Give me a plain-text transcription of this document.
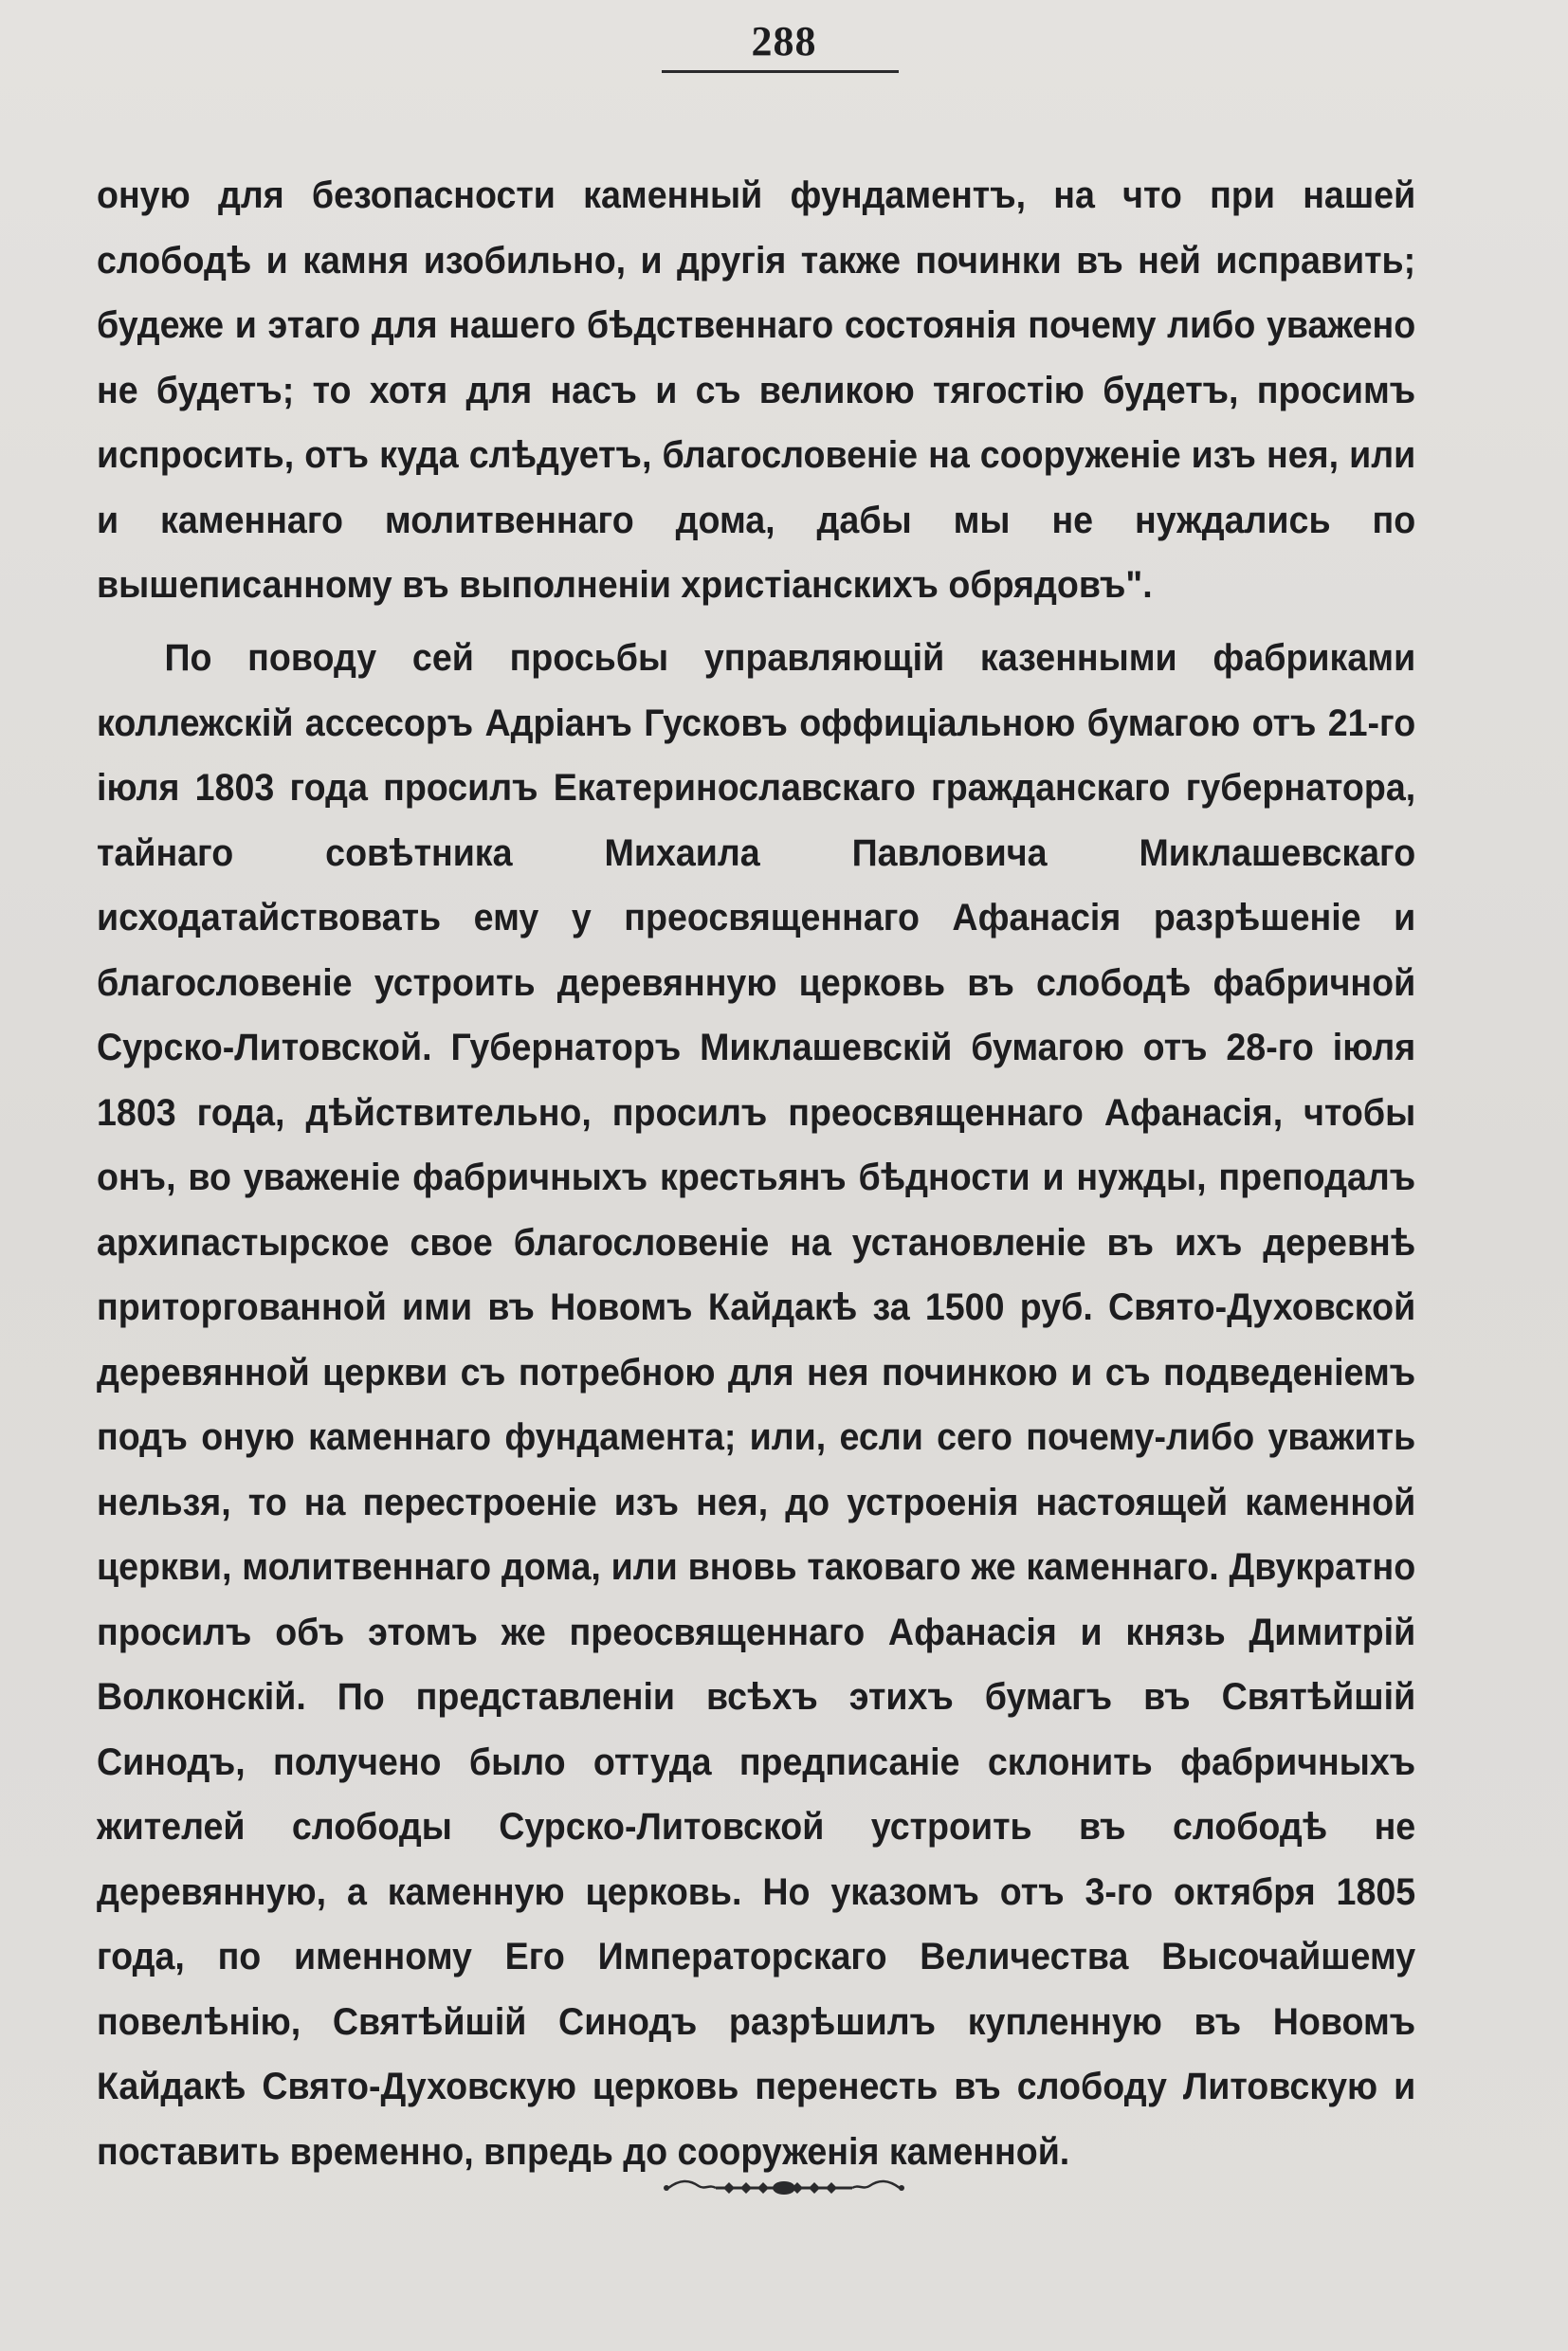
288

оную для безопасности каменный фундаментъ, на что при нашей слободѣ и камня изобильно, и другія также починки въ ней исправить; будеже и этаго для нашего бѣдственнаго состоянія почему либо уважено не будетъ; то хотя для насъ и съ великою тягостію будетъ, просимъ испросить, отъ куда слѣдуетъ, благословеніе на сооруженіе изъ нея, или и каменнаго молитвеннаго дома, дабы мы не нуждались по вышеписанному въ выполненіи христіанскихъ обрядовъ".

По поводу сей просьбы управляющій казенными фабриками коллежскій ассесоръ Адріанъ Гусковъ оффиціальною бумагою отъ 21-го іюля 1803 года просилъ Екатеринославскаго гражданскаго губернатора, тайнаго совѣтника Михаила Павловича Миклашевскаго исходатайствовать ему у преосвященнаго Афанасія разрѣшеніе и благословеніе устроить деревянную церковь въ слободѣ фабричной Сурско-Литовской. Губернаторъ Миклашевскій бумагою отъ 28-го іюля 1803 года, дѣйствительно, просилъ преосвященнаго Афанасія, чтобы онъ, во уваженіе фабричныхъ крестьянъ бѣдности и нужды, преподалъ архипастырское свое благословеніе на установленіе въ ихъ деревнѣ приторгованной ими въ Новомъ Кайдакѣ за 1500 руб. Свято-Духовской деревянной церкви съ потребною для нея починкою и съ подведеніемъ подъ оную каменнаго фундамента; или, если сего почему-либо уважить нельзя, то на перестроеніе изъ нея, до устроенія настоящей каменной церкви, молитвеннаго дома, или вновь таковаго же каменнаго. Двукратно просилъ объ этомъ же преосвященнаго Афанасія и князь Димитрій Волконскій. По представленіи всѣхъ этихъ бумагъ въ Святѣйшій Синодъ, получено было оттуда предписаніе склонить фабричныхъ жителей слободы Сурско-Литовской устроить въ слободѣ не деревянную, а каменную церковь. Но указомъ отъ 3-го октября 1805 года, по именному Его Императорскаго Величества Высочайшему повелѣнію, Святѣйшій Синодъ разрѣшилъ купленную въ Новомъ Кайдакѣ Свято-Духовскую церковь перенесть въ слободу Литовскую и поставить временно, впредь до сооруженія каменной.
